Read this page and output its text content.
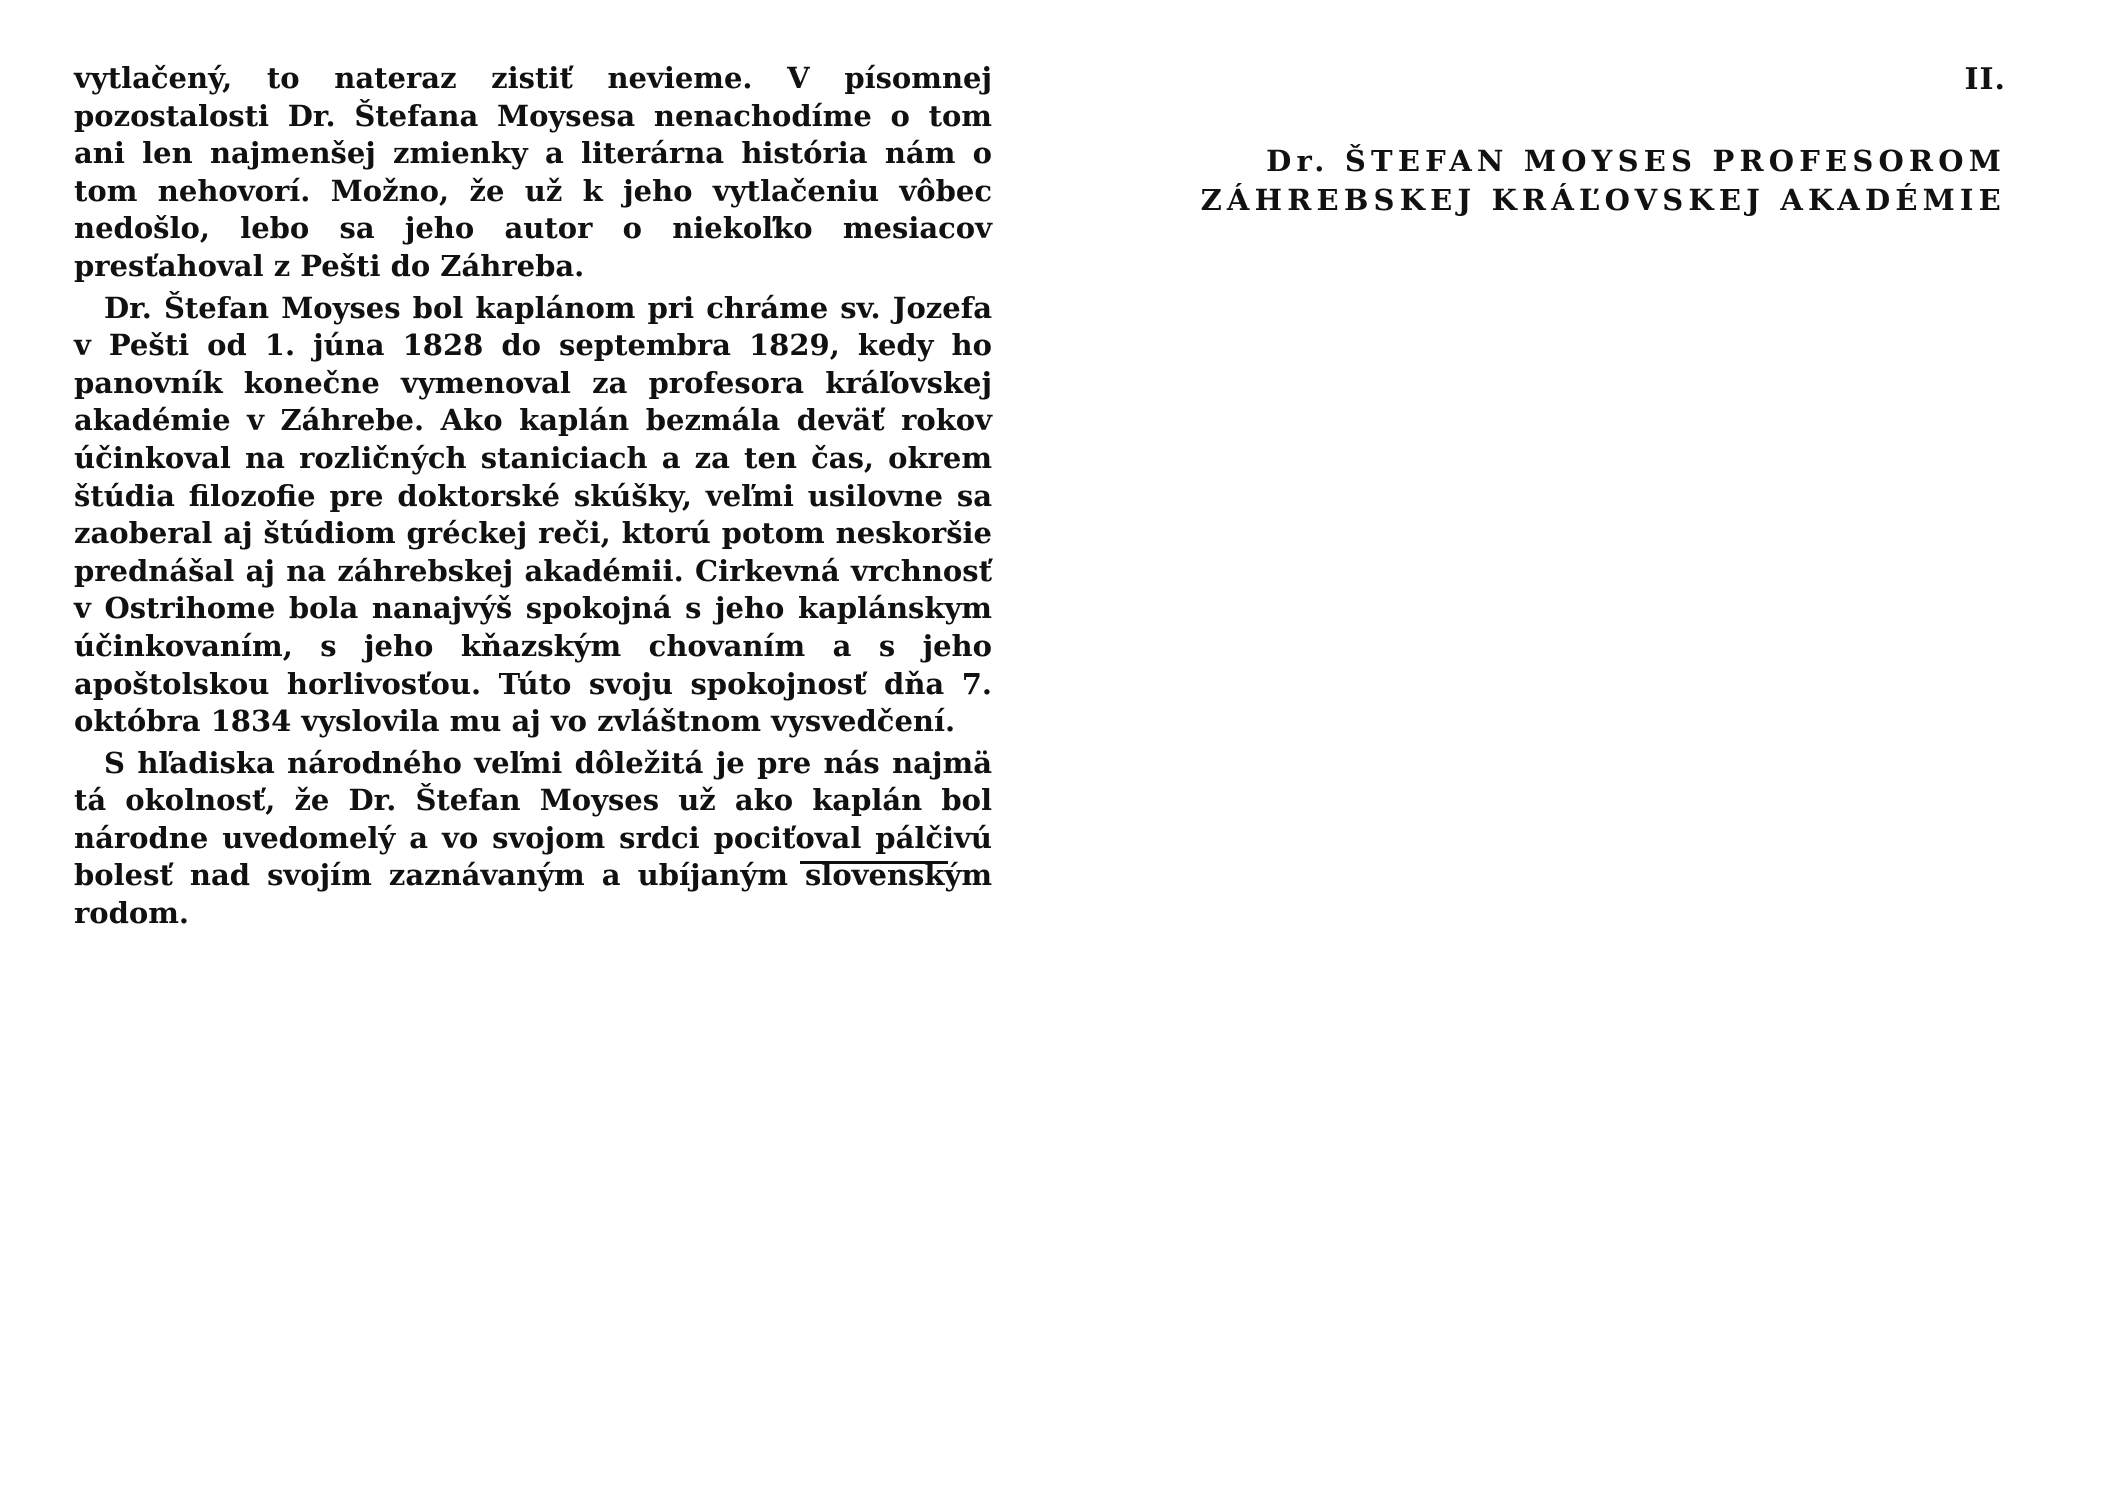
vytlačený, to nateraz zistiť nevieme. V písomnej pozostalosti Dr. Štefana Moysesa nenachodíme o tom ani len najmenšej zmienky a literárna história nám o tom nehovorí. Možno, že už k jeho vytlačeniu vôbec nedošlo, lebo sa jeho autor o niekoľko mesiacov presťahoval z Pešti do Záhreba.

Dr. Štefan Moyses bol kaplánom pri chráme sv. Jozefa v Pešti od 1. júna 1828 do septembra 1829, kedy ho panovník konečne vymenoval za profesora kráľovskej akadémie v Záhrebe. Ako kaplán bezmála deväť rokov účinkoval na rozličných staniciach a za ten čas, okrem štúdia filozofie pre doktorské skúšky, veľmi usilovne sa zaoberal aj štúdiom gréckej reči, ktorú potom neskoršie prednášal aj na záhrebskej akadémii. Cirkevná vrchnosť v Ostrihome bola nanajvýš spokojná s jeho kaplánskym účinkovaním, s jeho kňazským chovaním a s jeho apoštolskou horlivosťou. Túto svoju spokojnosť dňa 7. októbra 1834 vyslovila mu aj vo zvláštnom vysvedčení.

S hľadiska národného veľmi dôležitá je pre nás najmä tá okolnosť, že Dr. Štefan Moyses už ako kaplán bol národne uvedomelý a vo svojom srdci pociťoval pálčivú bolesť nad svojím zaznávaným a ubíjaným slovenským rodom.

II.
Dr. ŠTEFAN MOYSES PROFESOROM
ZÁHREBSKEJ KRÁĽOVSKEJ AKADÉMIE
